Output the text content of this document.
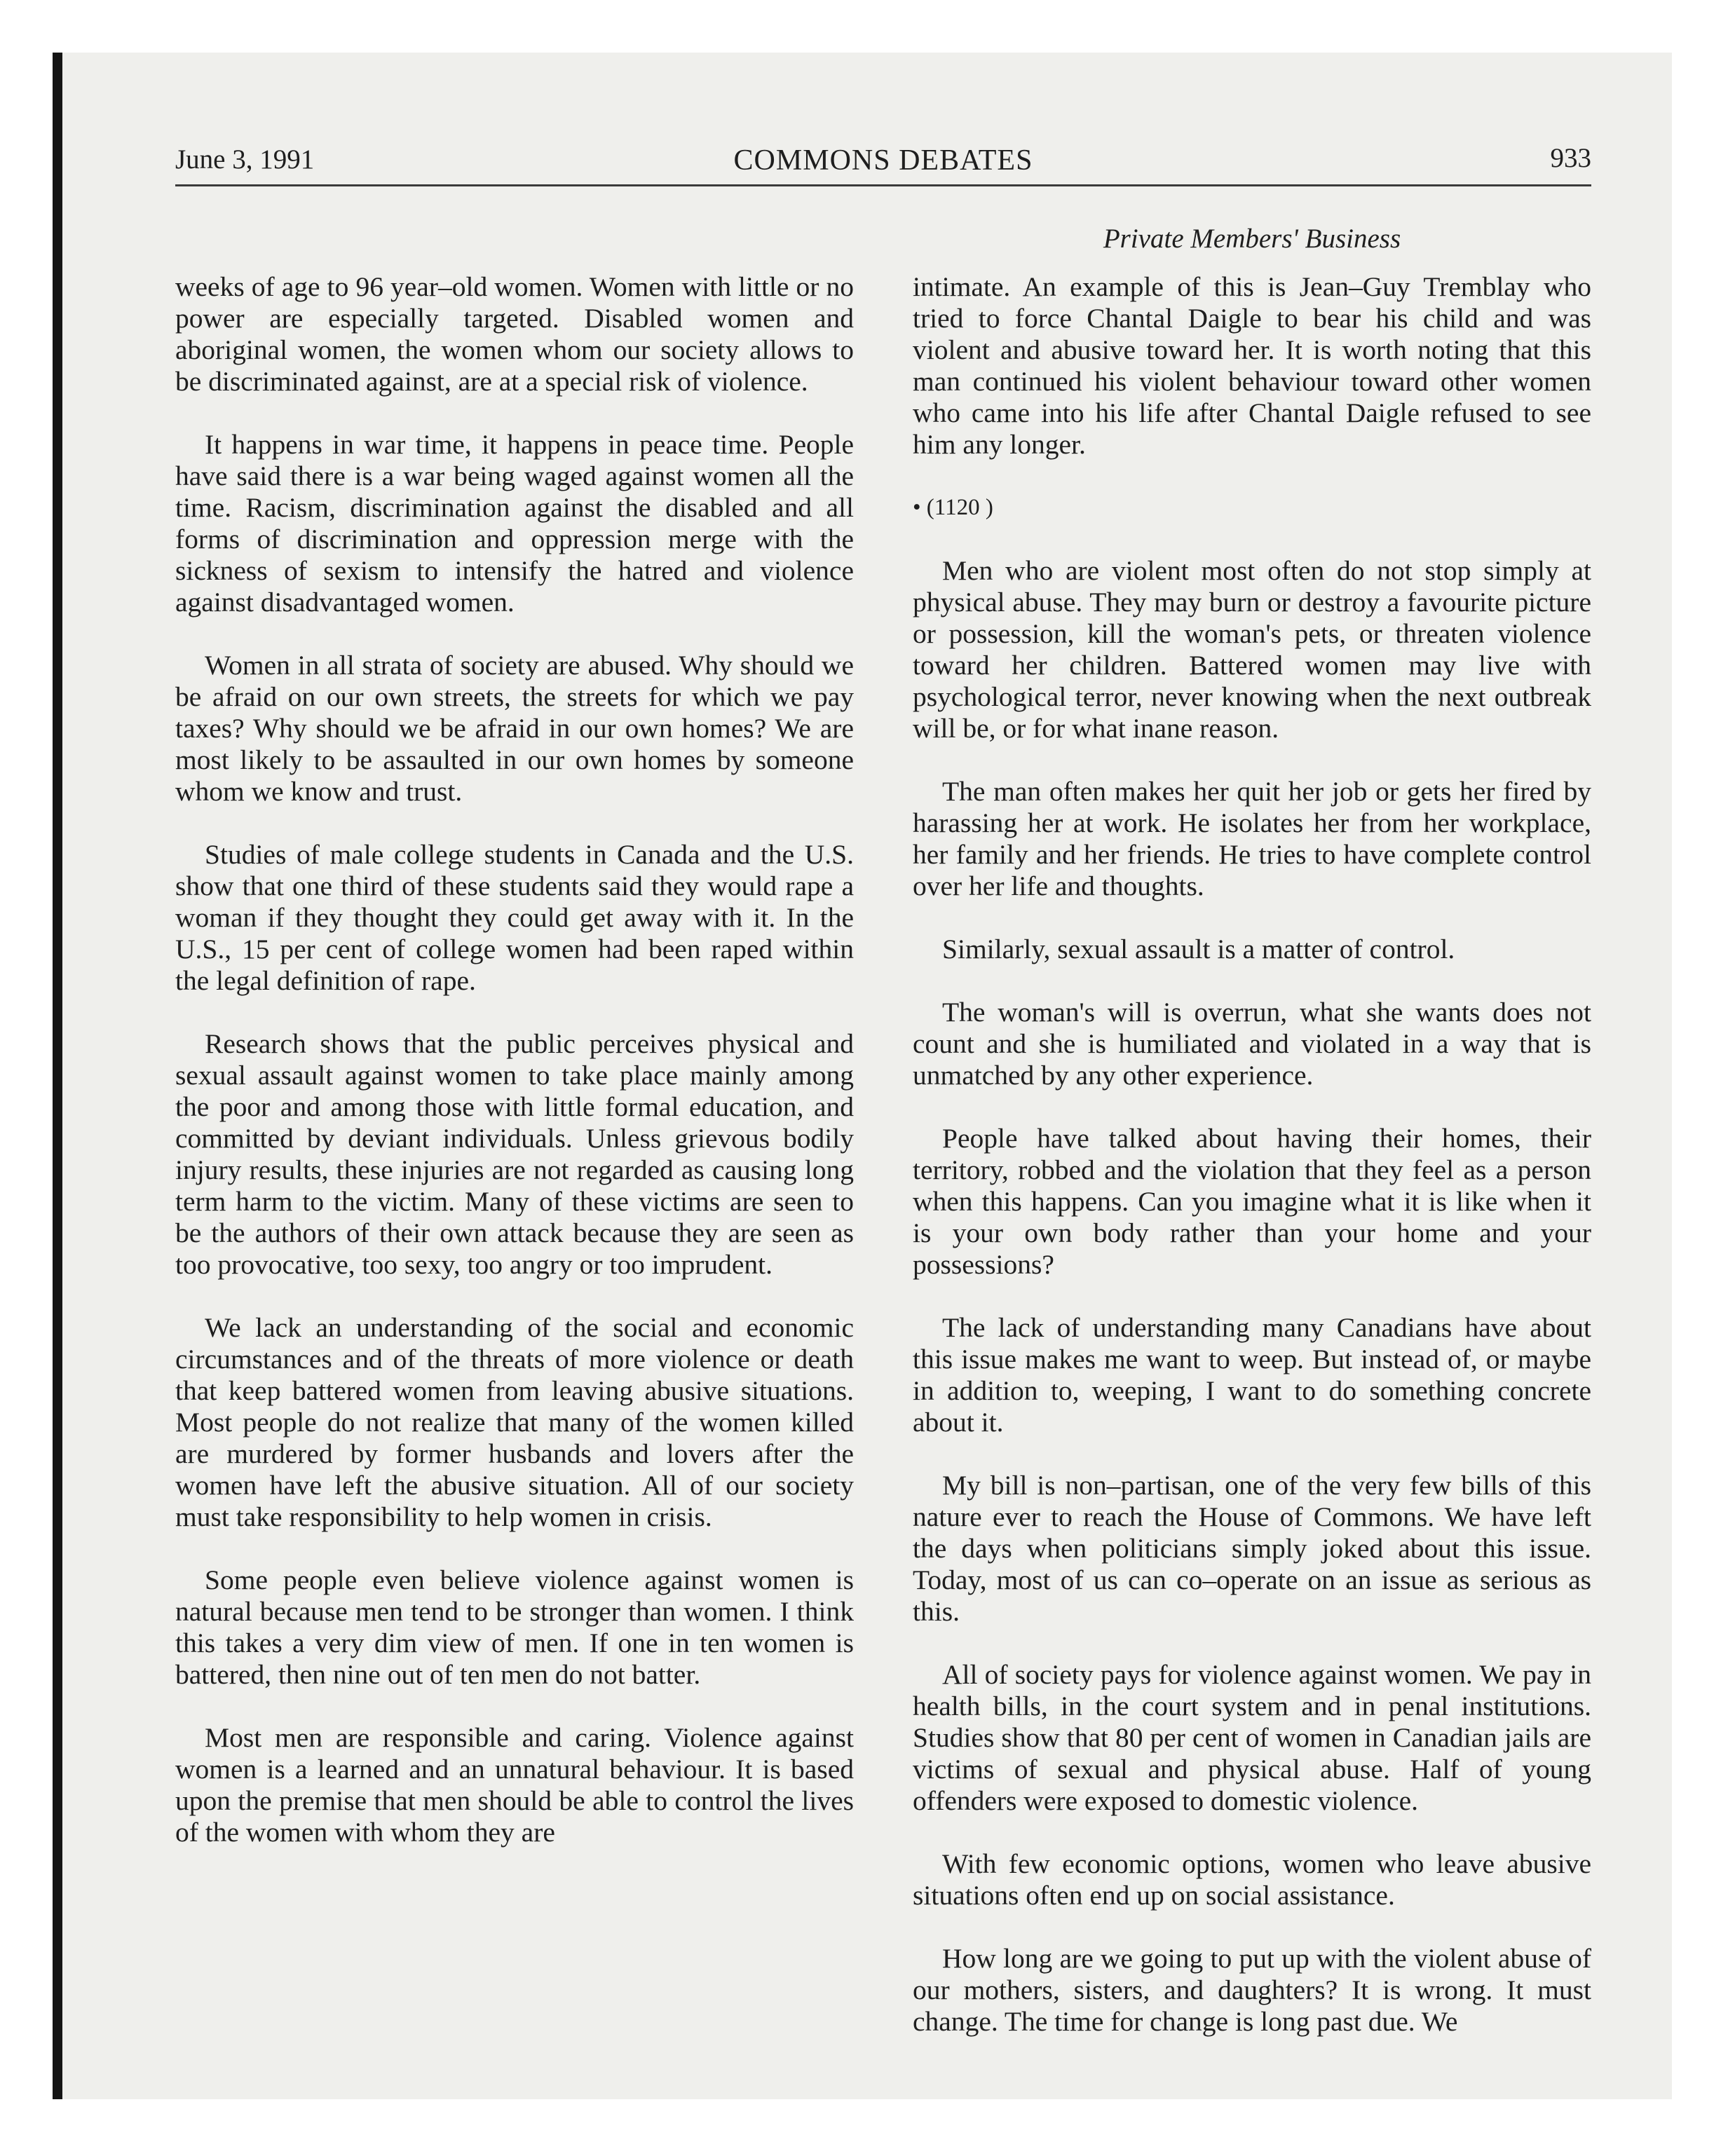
June 3, 1991	COMMONS DEBATES	933
Private Members' Business

weeks of age to 96 year–old women. Women with little or no power are especially targeted. Disabled women and aboriginal women, the women whom our society allows to be discriminated against, are at a special risk of violence.

It happens in war time, it happens in peace time. People have said there is a war being waged against women all the time. Racism, discrimination against the disabled and all forms of discrimination and oppression merge with the sickness of sexism to intensify the hatred and violence against disadvantaged women.

Women in all strata of society are abused. Why should we be afraid on our own streets, the streets for which we pay taxes? Why should we be afraid in our own homes? We are most likely to be assaulted in our own homes by someone whom we know and trust.

Studies of male college students in Canada and the U.S. show that one third of these students said they would rape a woman if they thought they could get away with it. In the U.S., 15 per cent of college women had been raped within the legal definition of rape.

Research shows that the public perceives physical and sexual assault against women to take place mainly among the poor and among those with little formal education, and committed by deviant individuals. Unless grievous bodily injury results, these injuries are not regarded as causing long term harm to the victim. Many of these victims are seen to be the authors of their own attack because they are seen as too provocative, too sexy, too angry or too imprudent.

We lack an understanding of the social and economic circumstances and of the threats of more violence or death that keep battered women from leaving abusive situations. Most people do not realize that many of the women killed are murdered by former husbands and lovers after the women have left the abusive situation. All of our society must take responsibility to help women in crisis.

Some people even believe violence against women is natural because men tend to be stronger than women. I think this takes a very dim view of men. If one in ten women is battered, then nine out of ten men do not batter.

Most men are responsible and caring. Violence against women is a learned and an unnatural behaviour. It is based upon the premise that men should be able to control the lives of the women with whom they are

intimate. An example of this is Jean–Guy Tremblay who tried to force Chantal Daigle to bear his child and was violent and abusive toward her. It is worth noting that this man continued his violent behaviour toward other women who came into his life after Chantal Daigle refused to see him any longer.

• (1120 )

Men who are violent most often do not stop simply at physical abuse. They may burn or destroy a favourite picture or possession, kill the woman's pets, or threaten violence toward her children. Battered women may live with psychological terror, never knowing when the next outbreak will be, or for what inane reason.

The man often makes her quit her job or gets her fired by harassing her at work. He isolates her from her workplace, her family and her friends. He tries to have complete control over her life and thoughts.

Similarly, sexual assault is a matter of control.

The woman's will is overrun, what she wants does not count and she is humiliated and violated in a way that is unmatched by any other experience.

People have talked about having their homes, their territory, robbed and the violation that they feel as a person when this happens. Can you imagine what it is like when it is your own body rather than your home and your possessions?

The lack of understanding many Canadians have about this issue makes me want to weep. But instead of, or maybe in addition to, weeping, I want to do something concrete about it.

My bill is non–partisan, one of the very few bills of this nature ever to reach the House of Commons. We have left the days when politicians simply joked about this issue. Today, most of us can co–operate on an issue as serious as this.

All of society pays for violence against women. We pay in health bills, in the court system and in penal institutions. Studies show that 80 per cent of women in Canadian jails are victims of sexual and physical abuse. Half of young offenders were exposed to domestic violence.

With few economic options, women who leave abusive situations often end up on social assistance.

How long are we going to put up with the violent abuse of our mothers, sisters, and daughters? It is wrong. It must change. The time for change is long past due. We
